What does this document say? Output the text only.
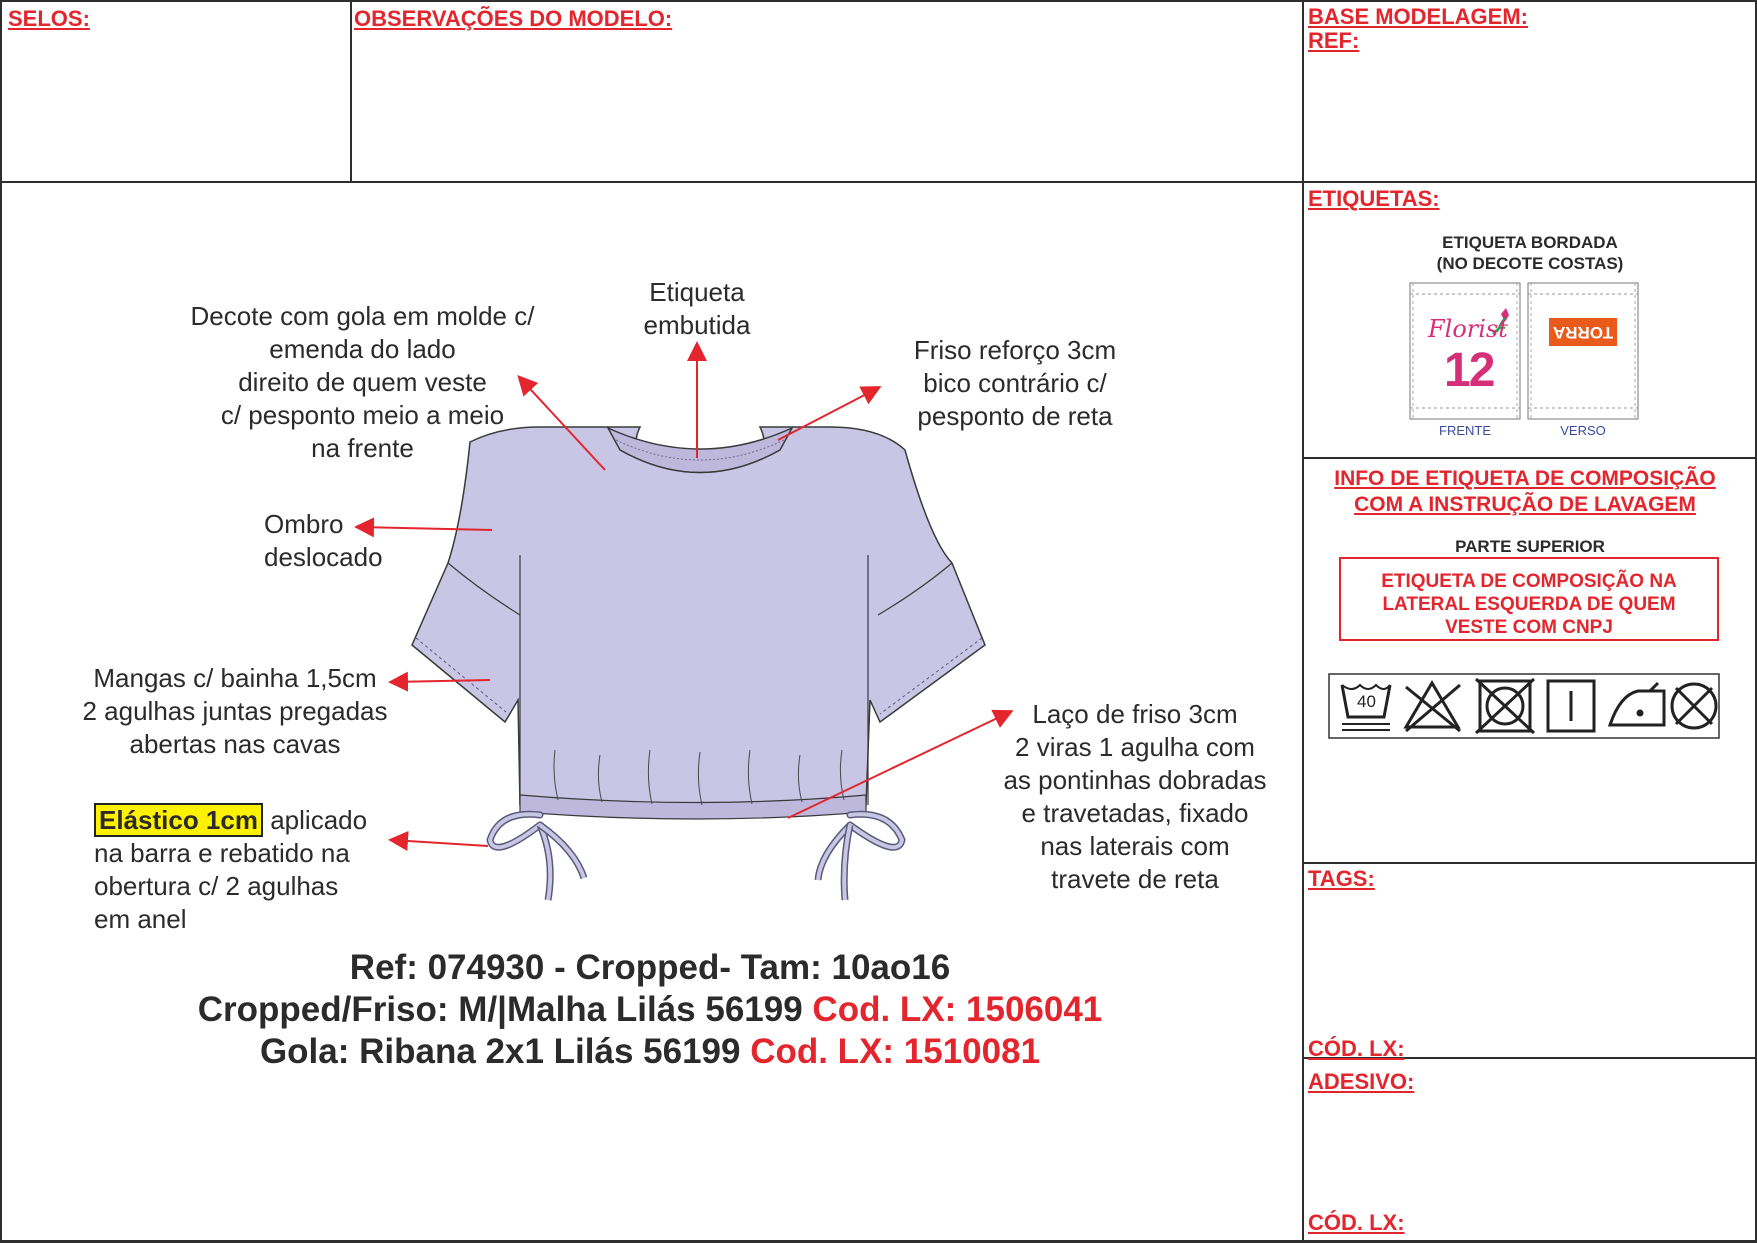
SELOS:	OBSERVAÇÕES DO MODELO:	BASE MODELAGEM:
REF:
ETIQUETAS:
ETIQUETA BORDADA
(NO DECOTE COSTAS)
Florist
12
TORRA
FRENTE	VERSO
INFO DE ETIQUETA DE COMPOSIÇÃO
COM A INSTRUÇÃO DE LAVAGEM
PARTE SUPERIOR
ETIQUETA DE COMPOSIÇÃO NA
LATERAL ESQUERDA DE QUEM
VESTE COM CNPJ
40
TAGS:
CÓD. LX:
ADESIVO:
CÓD. LX:
Decote com gola em molde c/
emenda do lado
direito de quem veste
c/ pesponto meio a meio
na frente
Etiqueta
embutida
Friso reforço 3cm
bico contrário c/
pesponto de reta
Ombro
deslocado
Mangas c/ bainha 1,5cm
2 agulhas juntas pregadas
abertas nas cavas
Laço de friso 3cm
2 viras 1 agulha com
as pontinhas dobradas
e travetadas, fixado
nas laterais com
travete de reta
Elástico 1cm aplicado
na barra e rebatido na
obertura c/ 2 agulhas
em anel
Ref: 074930 - Cropped- Tam: 10ao16
Cropped/Friso: M/|Malha Lilás 56199 Cod. LX: 1506041
Gola: Ribana 2x1 Lilás 56199 Cod. LX: 1510081
